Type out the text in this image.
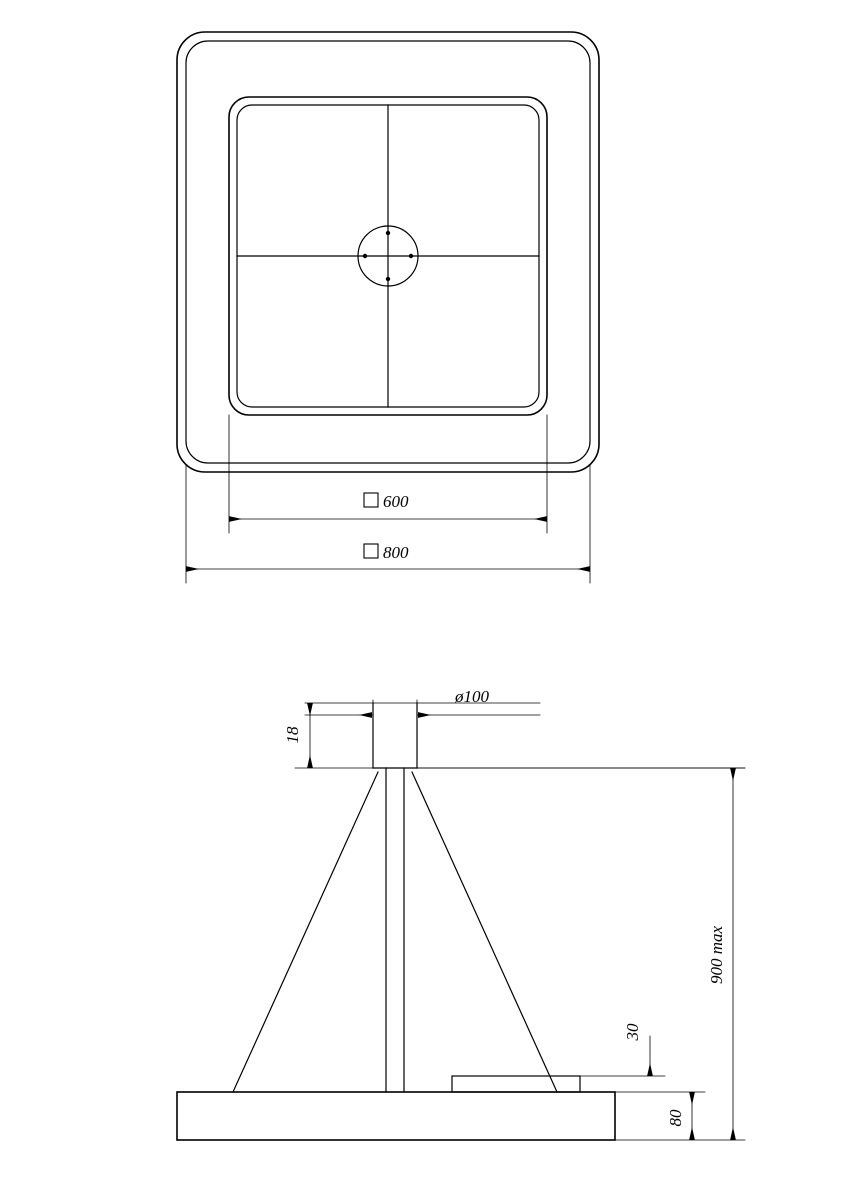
600
800
ø100
18
900 max
30
80
